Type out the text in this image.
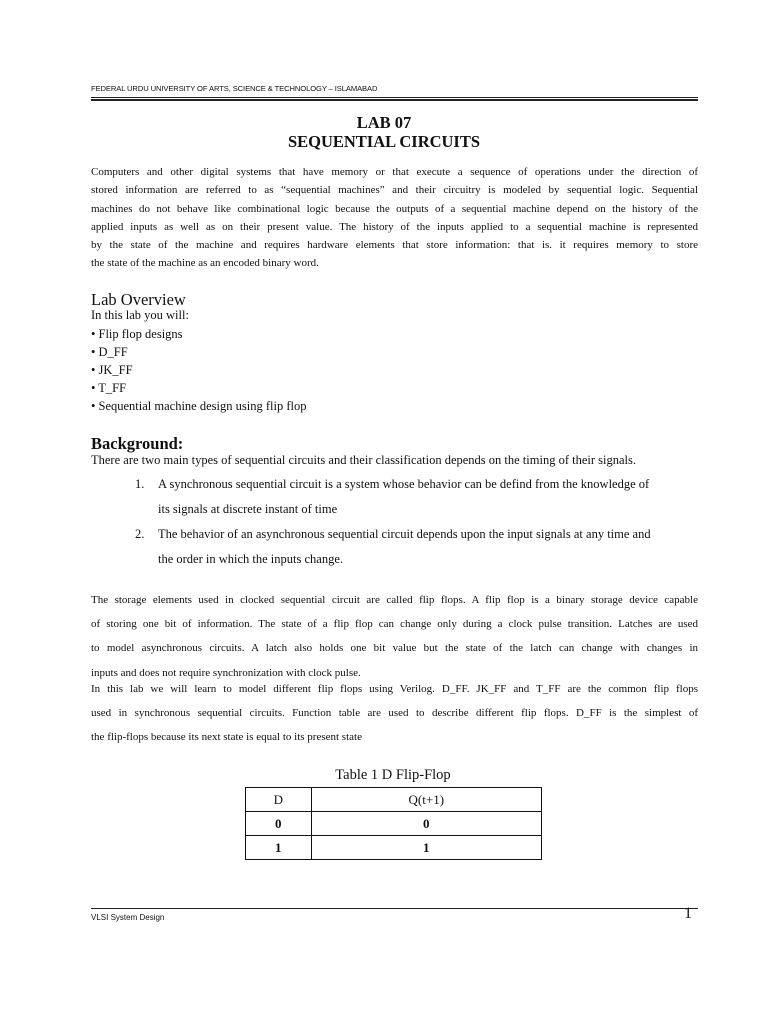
FEDERAL URDU UNIVERSITY OF ARTS, SCIENCE & TECHNOLOGY – ISLAMABAD
LAB 07
SEQUENTIAL CIRCUITS
Computers and other digital systems that have memory or that execute a sequence of operations under the direction of
stored information are referred to as “sequential machines” and their circuitry is modeled by sequential logic. Sequential
machines do not behave like combinational logic because the outputs of a sequential machine depend on the history of the
applied inputs as well as on their present value. The history of the inputs applied to a sequential machine is represented
by the state of the machine and requires hardware elements that store information: that is. it requires memory to store
the state of the machine as an encoded binary word.
Lab Overview
In this lab you will:
• Flip flop designs
• D_FF
• JK_FF
• T_FF
• Sequential machine design using flip flop
Background:
There are two main types of sequential circuits and their classification depends on the timing of their signals.
1. A synchronous sequential circuit is a system whose behavior can be defind from the knowledge of
its signals at discrete instant of time
2. The behavior of an asynchronous sequential circuit depends upon the input signals at any time and
the order in which the inputs change.
The storage elements used in clocked sequential circuit are called flip flops. A flip flop is a binary storage device capable
of storing one bit of information. The state of a flip flop can change only during a clock pulse transition. Latches are used
to model asynchronous circuits. A latch also holds one bit value but the state of the latch can change with changes in
inputs and does not require synchronization with clock pulse.
In this lab we will learn to model different flip flops using Verilog. D_FF. JK_FF and T_FF are the common flip flops
used in synchronous sequential circuits. Function table are used to describe different flip flops. D_FF is the simplest of
the flip-flops because its next state is equal to its present state
Table 1 D Flip-Flop
D	Q(t+1)
0	0
1	1
VLSI System Design	1
